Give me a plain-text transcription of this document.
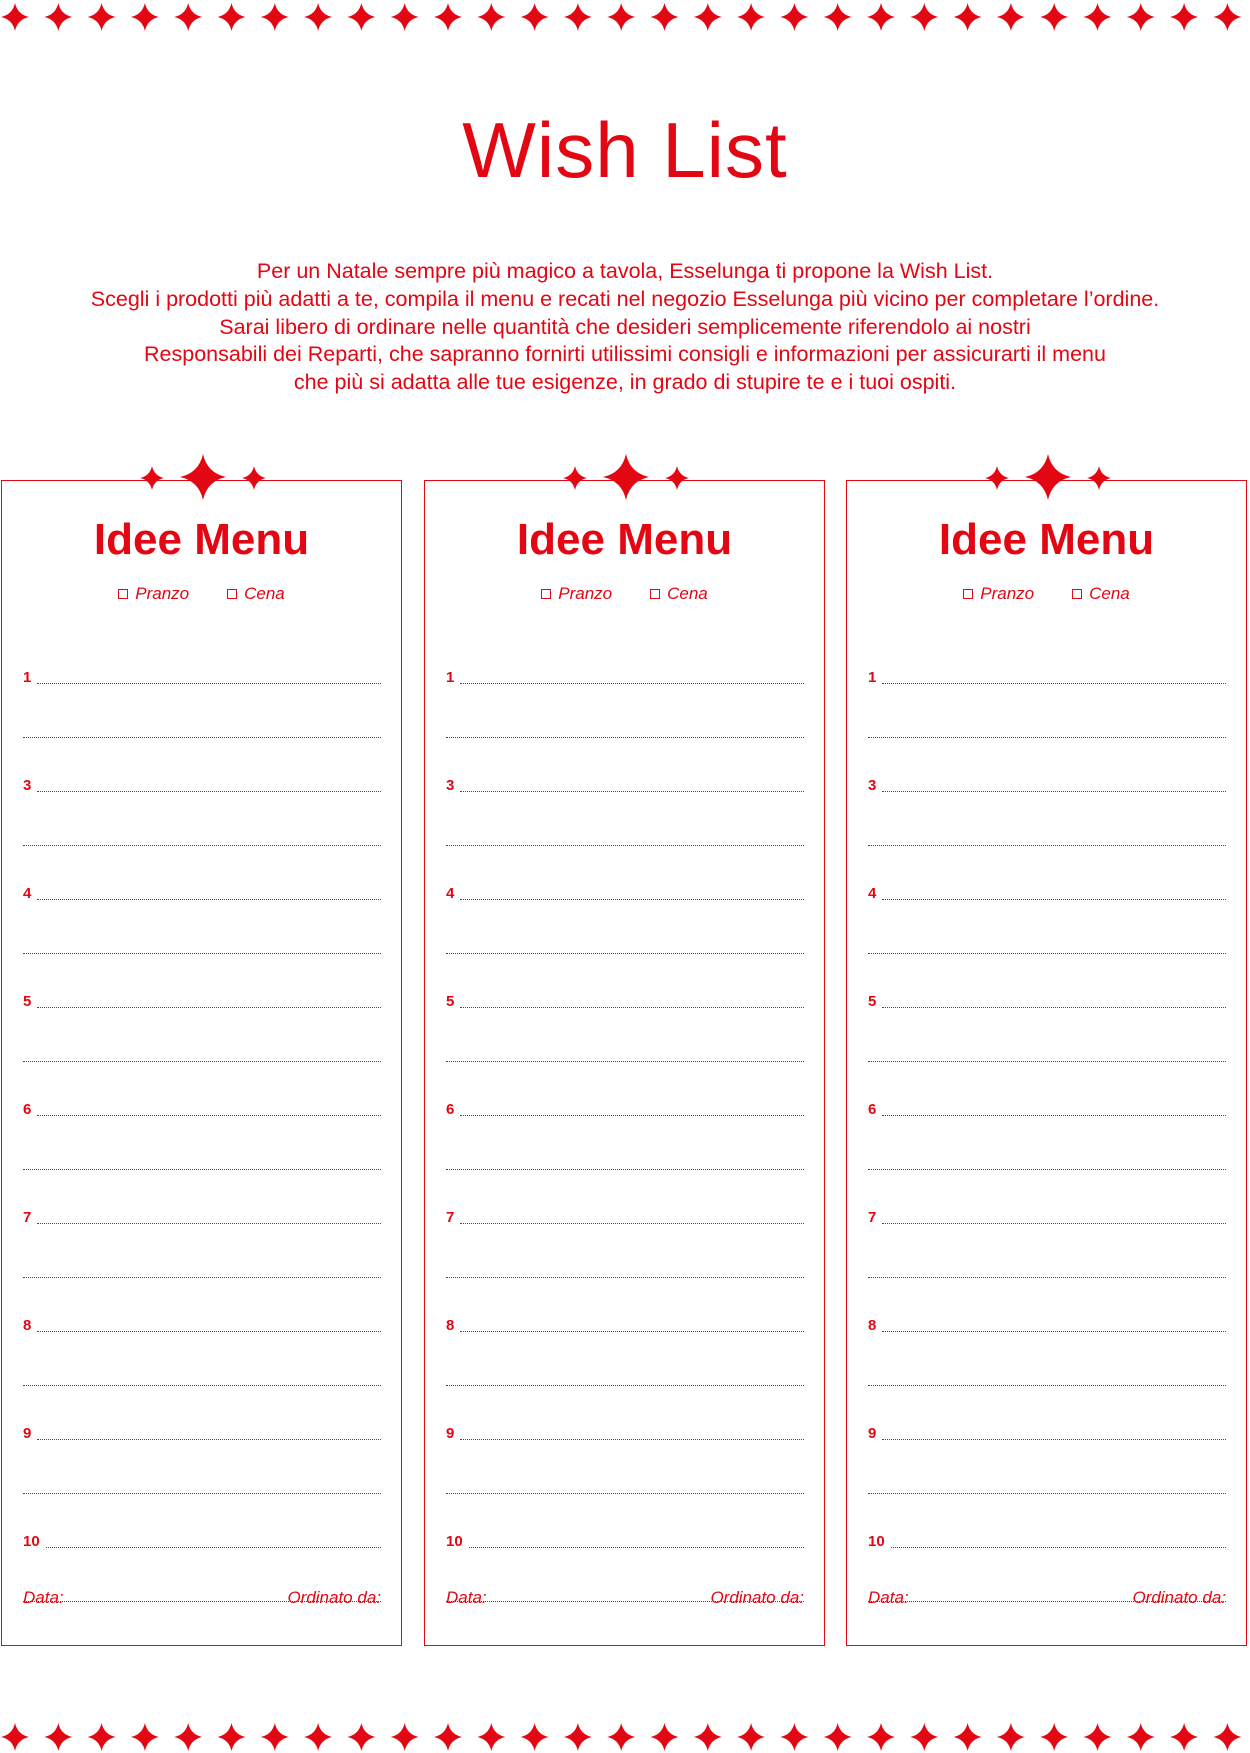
Wish List
Per un Natale sempre più magico a tavola, Esselunga ti propone la Wish List.
Scegli i prodotti più adatti a te, compila il menu e recati nel negozio Esselunga più vicino per completare l’ordine.
Sarai libero di ordinare nelle quantità che desideri semplicemente riferendolo ai nostri
Responsabili dei Reparti, che sapranno fornirti utilissimi consigli e informazioni per assicurarti il menu
che più si adatta alle tue esigenze, in grado di stupire te e i tuoi ospiti.
Idee Menu
Pranzo	Cena
1
3
4
5
6
7
8
9
10
Data:	Ordinato da:
Idee Menu
Pranzo	Cena
1
3
4
5
6
7
8
9
10
Data:	Ordinato da:
Idee Menu
Pranzo	Cena
1
3
4
5
6
7
8
9
10
Data:	Ordinato da:
